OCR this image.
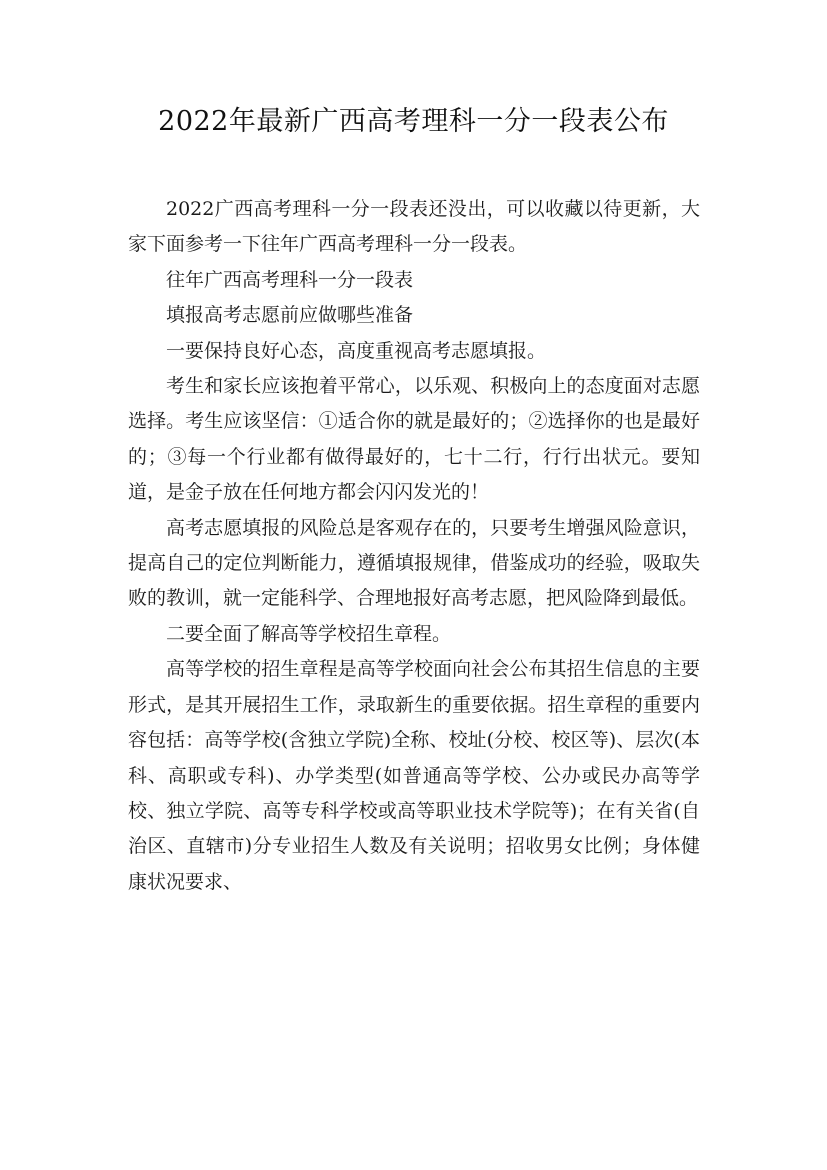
2022年最新广西高考理科一分一段表公布

2022广西高考理科一分一段表还没出，可以收藏以待更新，大家下面参考一下往年广西高考理科一分一段表。

往年广西高考理科一分一段表

填报高考志愿前应做哪些准备

一要保持良好心态，高度重视高考志愿填报。

考生和家长应该抱着平常心，以乐观、积极向上的态度面对志愿选择。考生应该坚信：①适合你的就是最好的；②选择你的也是最好的；③每一个行业都有做得最好的，七十二行，行行出状元。要知道，是金子放在任何地方都会闪闪发光的！

高考志愿填报的风险总是客观存在的，只要考生增强风险意识，提高自己的定位判断能力，遵循填报规律，借鉴成功的经验，吸取失败的教训，就一定能科学、合理地报好高考志愿，把风险降到最低。

二要全面了解高等学校招生章程。

高等学校的招生章程是高等学校面向社会公布其招生信息的主要形式，是其开展招生工作，录取新生的重要依据。招生章程的重要内容包括：高等学校(含独立学院)全称、校址(分校、校区等)、层次(本科、高职或专科)、办学类型(如普通高等学校、公办或民办高等学校、独立学院、高等专科学校或高等职业技术学院等)；在有关省(自治区、直辖市)分专业招生人数及有关说明；招收男女比例；身体健康状况要求、
